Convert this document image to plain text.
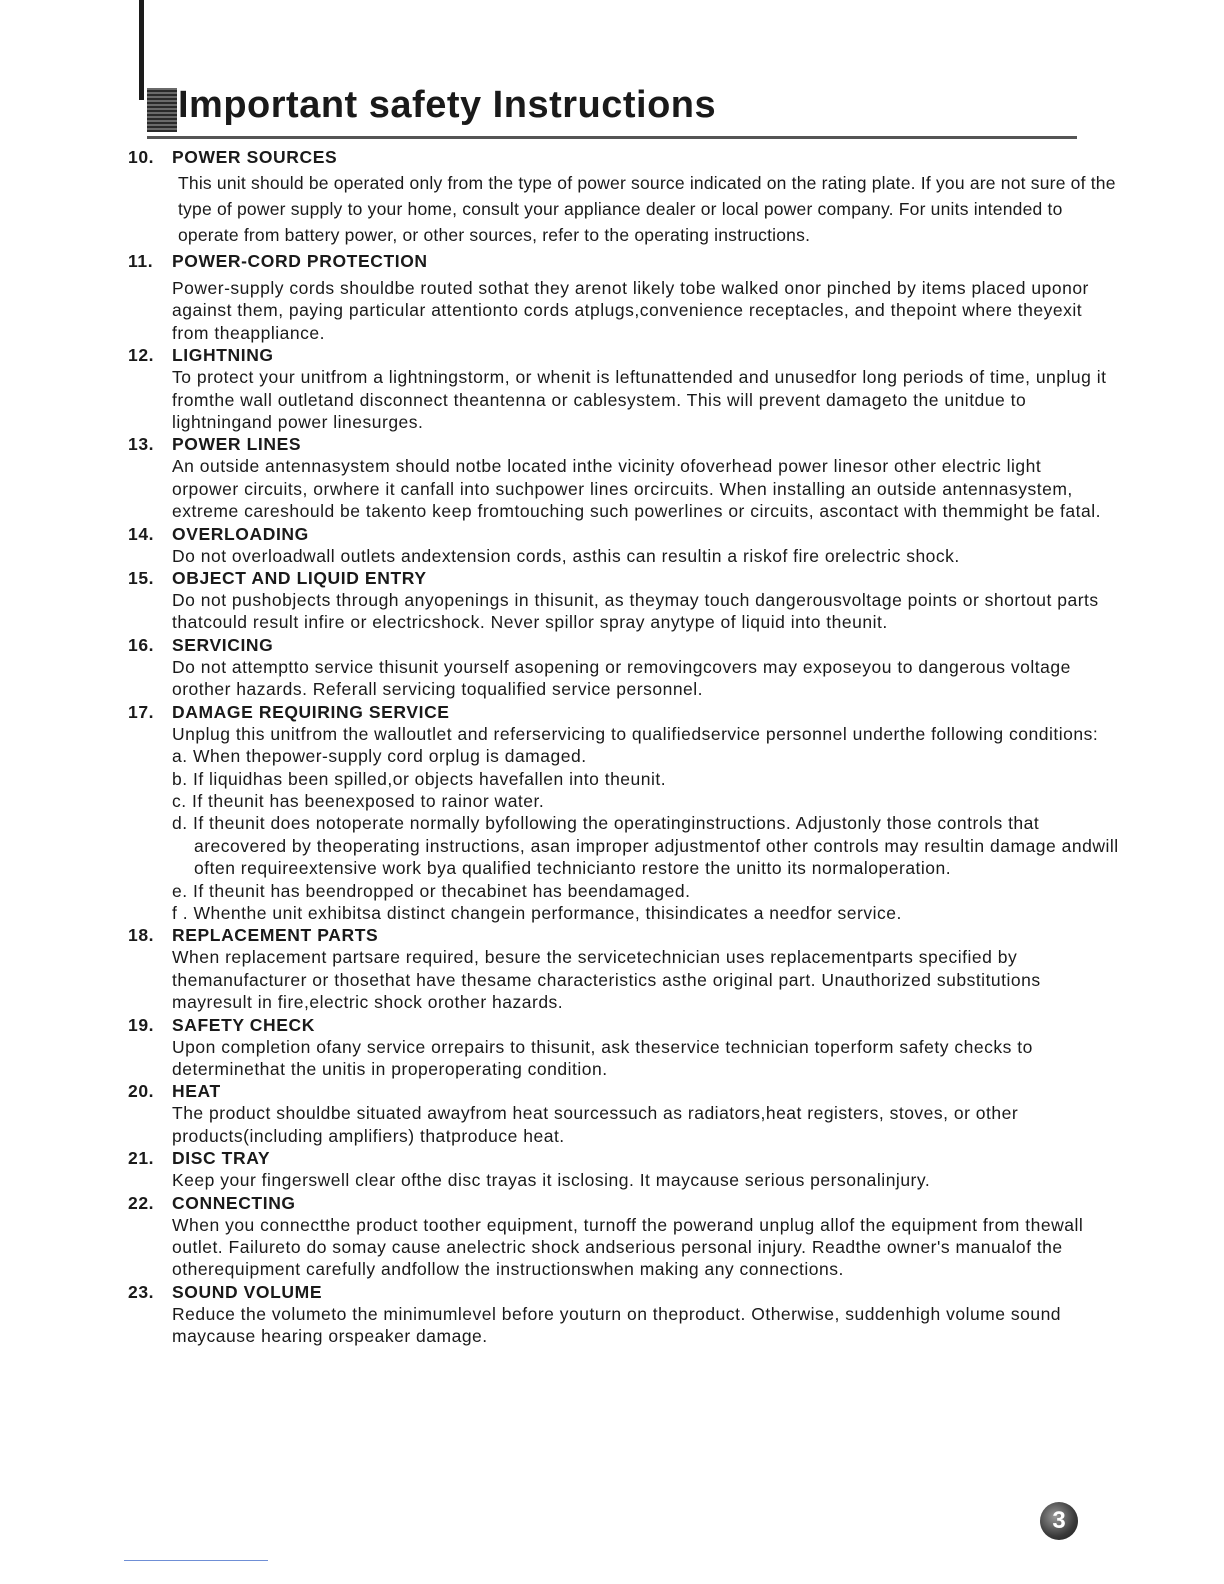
Important safety Instructions
10. POWER SOURCES
This unit should be operated only from the type of power source indicated on the rating plate. If you are not sure of the type of power supply to your home, consult your appliance dealer or local power company. For units intended to operate from battery power, or other sources, refer to the operating instructions.
11. POWER-CORD PROTECTION
Power-supply cords shouldbe routed sothat they arenot likely tobe walked onor pinched by items placed uponor against them, paying particular attentionto cords atplugs,convenience receptacles, and thepoint where theyexit from theappliance.
12. LIGHTNING
To protect your unitfrom a lightningstorm, or whenit is leftunattended and unusedfor long periods of time, unplug it fromthe wall outletand disconnect theantenna or cablesystem. This will prevent damageto the unitdue to lightningand power linesurges.
13. POWER LINES
An outside antennasystem should notbe located inthe vicinity ofoverhead power linesor other electric light orpower circuits, orwhere it canfall into suchpower lines orcircuits. When installing an outside antennasystem, extreme careshould be takento keep fromtouching such powerlines or circuits, ascontact with themmight be fatal.
14. OVERLOADING
Do not overloadwall outlets andextension cords, asthis can resultin a riskof fire orelectric shock.
15. OBJECT AND LIQUID ENTRY
Do not pushobjects through anyopenings in thisunit, as theymay touch dangerousvoltage points or shortout parts thatcould result infire or electricshock. Never spillor spray anytype of liquid into theunit.
16. SERVICING
Do not attemptto service thisunit yourself asopening or removingcovers may exposeyou to dangerous voltage orother hazards. Referall servicing toqualified service personnel.
17. DAMAGE REQUIRING SERVICE
Unplug this unitfrom the walloutlet and referservicing to qualifiedservice personnel underthe following conditions:
a. When thepower-supply cord orplug is damaged.
b. If liquidhas been spilled,or objects havefallen into theunit.
c. If theunit has beenexposed to rainor water.
d. If theunit does notoperate normally byfollowing the operatinginstructions. Adjustonly those controls that arecovered by theoperating instructions, asan improper adjustmentof other controls may resultin damage andwill often requireextensive work bya qualified technicianto restore the unitto its normaloperation.
e. If theunit has beendropped or thecabinet has beendamaged.
f . Whenthe unit exhibitsa distinct changein performance, thisindicates a needfor service.
18. REPLACEMENT PARTS
When replacement partsare required, besure the servicetechnician uses replacementparts specified by themanufacturer or thosethat have thesame characteristics asthe original part. Unauthorized substitutions mayresult in fire,electric shock orother hazards.
19. SAFETY CHECK
Upon completion ofany service orrepairs to thisunit, ask theservice technician toperform safety checks to determinethat the unitis in properoperating condition.
20. HEAT
The product shouldbe situated awayfrom heat sourcessuch as radiators,heat registers, stoves, or other products(including amplifiers) thatproduce heat.
21. DISC TRAY
Keep your fingerswell clear ofthe disc trayas it isclosing. It maycause serious personalinjury.
22. CONNECTING
When you connectthe product toother equipment, turnoff the powerand unplug allof the equipment from thewall outlet. Failureto do somay cause anelectric shock andserious personal injury. Readthe owner's manualof the otherequipment carefully andfollow the instructionswhen making any connections.
23. SOUND VOLUME
Reduce the volumeto the minimumlevel before youturn on theproduct. Otherwise, suddenhigh volume sound maycause hearing orspeaker damage.
3
